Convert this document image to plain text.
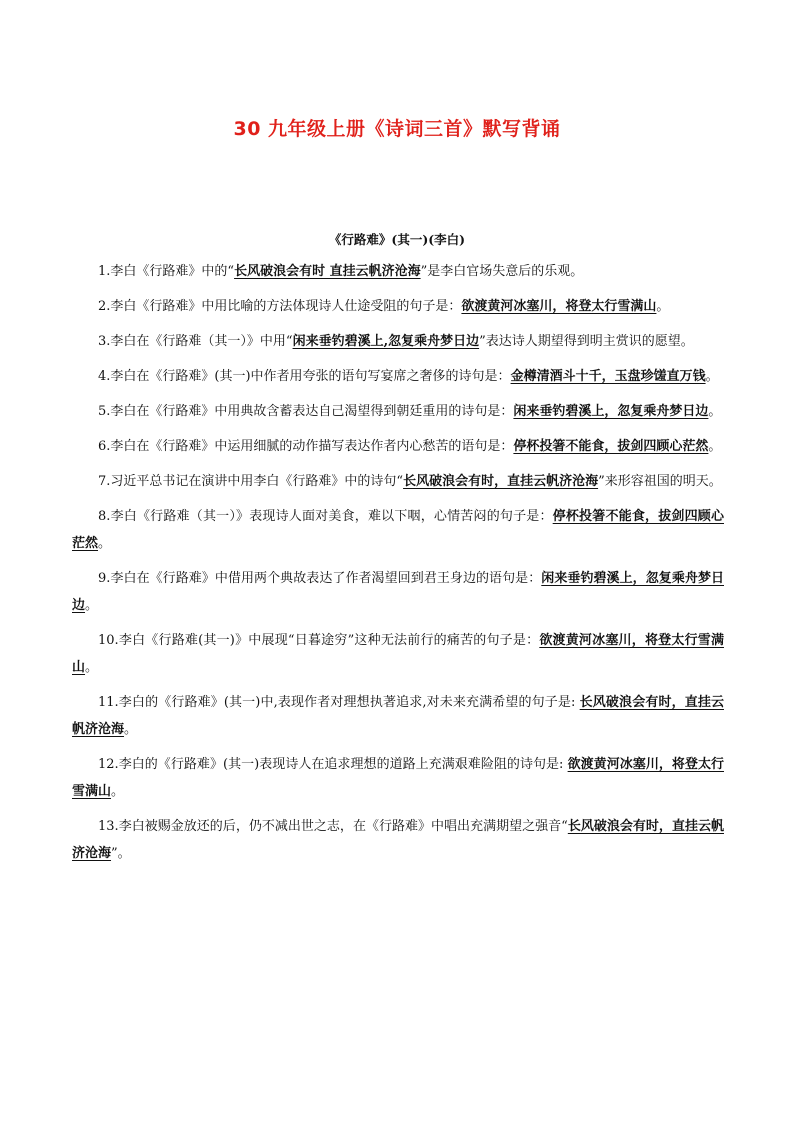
30 九年级上册《诗词三首》默写背诵
《行路难》(其一)(李白)

1.李白《行路难》中的“长风破浪会有时 直挂云帆济沧海”是李白官场失意后的乐观。

2.李白《行路难》中用比喻的方法体现诗人仕途受阻的句子是：欲渡黄河冰塞川，将登太行雪满山。

3.李白在《行路难（其一）》中用“闲来垂钓碧溪上,忽复乘舟梦日边”表达诗人期望得到明主赏识的愿望。

4.李白在《行路难》(其一)中作者用夸张的语句写宴席之奢侈的诗句是：金樽清酒斗十千，玉盘珍馐直万钱。

5.李白在《行路难》中用典故含蓄表达自己渴望得到朝廷重用的诗句是：闲来垂钓碧溪上，忽复乘舟梦日边。

6.李白在《行路难》中运用细腻的动作描写表达作者内心愁苦的语句是：停杯投箸不能食，拔剑四顾心茫然。

7.习近平总书记在演讲中用李白《行路难》中的诗句“长风破浪会有时，直挂云帆济沧海”来形容祖国的明天。

8.李白《行路难（其一）》表现诗人面对美食，难以下咽，心情苦闷的句子是：停杯投箸不能食，拔剑四顾心茫然。

9.李白在《行路难》中借用两个典故表达了作者渴望回到君王身边的语句是：闲来垂钓碧溪上，忽复乘舟梦日边。

10.李白《行路难(其一)》中展现“日暮途穷”这种无法前行的痛苦的句子是：欲渡黄河冰塞川，将登太行雪满山。

11.李白的《行路难》(其一)中,表现作者对理想执著追求,对未来充满希望的句子是: 长风破浪会有时，直挂云帆济沧海。

12.李白的《行路难》(其一)表现诗人在追求理想的道路上充满艰难险阻的诗句是: 欲渡黄河冰塞川，将登太行雪满山。

13.李白被赐金放还的后，仍不减出世之志，在《行路难》中唱出充满期望之强音“长风破浪会有时，直挂云帆济沧海”。
